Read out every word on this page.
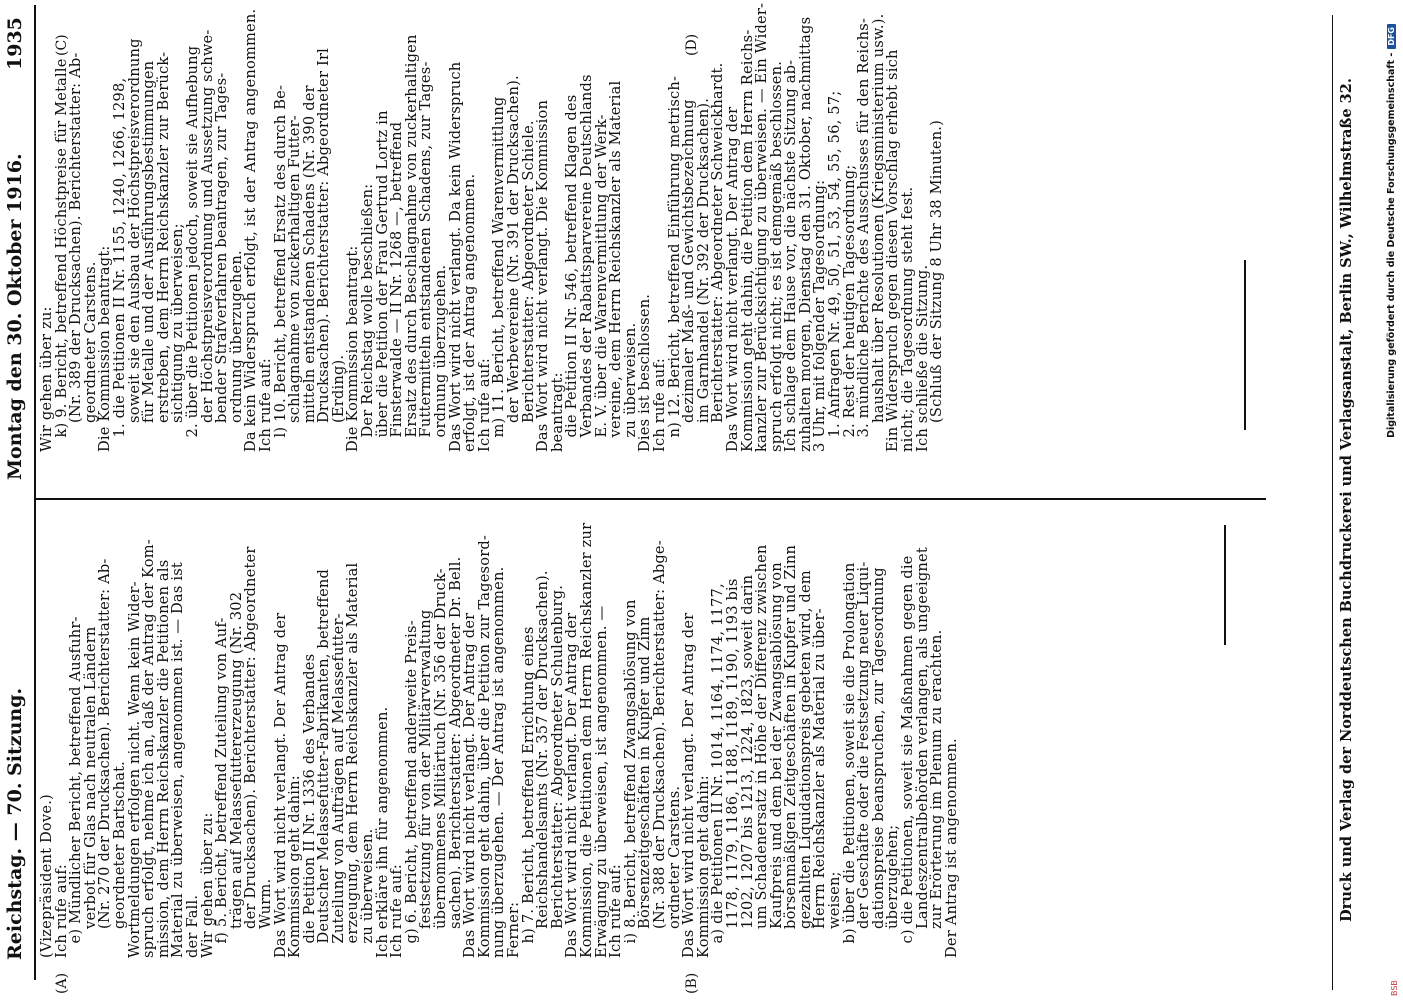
Reichstag. — 70. Sitzung.
Montag den 30. Oktober 1916.
1935
(A)	(B)
(C)	(D)
(Vizepräsident Dove.)
Ich rufe auf:
e) Mündlicher Bericht, betreffend Ausfuhr-
verbot für Glas nach neutralen Ländern
(Nr. 270 der Drucksachen). Berichterstatter: Ab-
geordneter Bartschat.
Wortmeldungen erfolgen nicht. Wenn kein Wider-
spruch erfolgt, nehme ich an, daß der Antrag der Kom-
mission, dem Herrn Reichskanzler die Petitionen als
Material zu überweisen, angenommen ist. — Das ist
der Fall.
Wir gehen über zu:
f) 5. Bericht, betreffend Zuteilung von Auf-
trägen auf Melassefuttererzeugung (Nr. 302
der Drucksachen). Berichterstatter: Abgeordneter
Wurm.
Das Wort wird nicht verlangt. Der Antrag der
Kommission geht dahin:
die Petition II Nr. 1336 des Verbandes
Deutscher Melassefutter-Fabrikanten, betreffend
Zuteilung von Aufträgen auf Melassefutter-
erzeugung, dem Herrn Reichskanzler als Material
zu überweisen.
Ich erkläre ihn für angenommen.
Ich rufe auf:
g) 6. Bericht, betreffend anderweite Preis-
festsetzung für von der Militärverwaltung
übernommenes Militärtuch (Nr. 356 der Druck-
sachen). Berichterstatter: Abgeordneter Dr. Bell.
Das Wort wird nicht verlangt. Der Antrag der
Kommission geht dahin, über die Petition zur Tagesord-
nung überzugehen. — Der Antrag ist angenommen.
Ferner:
h) 7. Bericht, betreffend Errichtung eines
Reichshandelsamts (Nr. 357 der Drucksachen).
Berichterstatter: Abgeordneter Schulenburg.
Das Wort wird nicht verlangt. Der Antrag der
Kommission, die Petitionen dem Herrn Reichskanzler zur
Erwägung zu überweisen, ist angenommen. —
Ich rufe auf:
i) 8. Bericht, betreffend Zwangsablösung von
Börsenzeitgeschäften in Kupfer und Zinn
(Nr. 388 der Drucksachen). Berichterstatter: Abge-
ordneter Carstens.
Das Wort wird nicht verlangt. Der Antrag der
Kommission geht dahin:
a) die Petitionen II Nr. 1014, 1164, 1174, 1177,
1178, 1179, 1186, 1188, 1189, 1190, 1193 bis
1202, 1207 bis 1213, 1224, 1823, soweit darin
um Schadenersatz in Höhe der Differenz zwischen
Kaufpreis und dem bei der Zwangsablösung von
börsenmäßigen Zeitgeschäften in Kupfer und Zinn
gezahlten Liquidationspreis gebeten wird, dem
Herrn Reichskanzler als Material zu über-
weisen;
b) über die Petitionen, soweit sie die Prolongation
der Geschäfte oder die Festsetzung neuer Liqui-
dationspreise beanspruchen, zur Tagesordnung
überzugehen;
c) die Petitionen, soweit sie Maßnahmen gegen die
Landeszentralbehörden verlangen, als ungeeignet
zur Erörterung im Plenum zu erachten.
Der Antrag ist angenommen.
Wir gehen über zu:
k) 9. Bericht, betreffend Höchstpreise für Metalle
(Nr. 389 der Drucksachen). Berichterstatter: Ab-
geordneter Carstens.
Die Kommission beantragt:
1. die Petitionen II Nr. 1155, 1240, 1266, 1298,
soweit sie den Ausbau der Höchstpreisverordnung
für Metalle und der Ausführungsbestimmungen
erstreben, dem Herrn Reichskanzler zur Berück-
sichtigung zu überweisen;
2. über die Petitionen jedoch, soweit sie Aufhebung
der Höchstpreisverordnung und Aussetzung schwe-
bender Strafverfahren beantragen, zur Tages-
ordnung überzugehen.
Da kein Widerspruch erfolgt, ist der Antrag angenommen.
Ich rufe auf:
l) 10. Bericht, betreffend Ersatz des durch Be-
schlagnahme von zuckerhaltigen Futter-
mitteln entstandenen Schadens (Nr. 390 der
Drucksachen). Berichterstatter: Abgeordneter Irl
(Erding).
Die Kommission beantragt:
Der Reichstag wolle beschließen:
über die Petition der Frau Gertrud Lortz in
Finsterwalde — II Nr. 1268 —, betreffend
Ersatz des durch Beschlagnahme von zuckerhaltigen
Futtermitteln entstandenen Schadens, zur Tages-
ordnung überzugehen.
Das Wort wird nicht verlangt. Da kein Widerspruch
erfolgt, ist der Antrag angenommen.
Ich rufe auf:
m) 11. Bericht, betreffend Warenvermittlung
der Werbevereine (Nr. 391 der Drucksachen).
Berichterstatter: Abgeordneter Schiele.
Das Wort wird nicht verlangt. Die Kommission
beantragt:
die Petition II Nr. 546, betreffend Klagen des
Verbandes der Rabattsparvereine Deutschlands
E. V. über die Warenvermittlung der Werk-
vereine, dem Herrn Reichskanzler als Material
zu überweisen.
Dies ist beschlossen.
Ich rufe auf:
n) 12. Bericht, betreffend Einführung metrisch-
dezimaler Maß- und Gewichtsbezeichnung
im Garnhandel (Nr. 392 der Drucksachen).
Berichterstatter: Abgeordneter Schweickhardt.
Das Wort wird nicht verlangt. Der Antrag der
Kommission geht dahin, die Petition dem Herrn Reichs-
kanzler zur Berücksichtigung zu überweisen. — Ein Wider-
spruch erfolgt nicht; es ist demgemäß beschlossen.
Ich schlage dem Hause vor, die nächste Sitzung ab-
zuhalten morgen, Dienstag den 31. Oktober, nachmittags
3 Uhr, mit folgender Tagesordnung:
1. Anfragen Nr. 49, 50, 51, 53, 54, 55, 56, 57;
2. Rest der heutigen Tagesordnung;
3. mündliche Berichte des Ausschusses für den Reichs-
haushalt über Resolutionen (Kriegsministerium usw.).
Ein Widerspruch gegen diesen Vorschlag erhebt sich
nicht; die Tagesordnung steht fest.
Ich schließe die Sitzung.
(Schluß der Sitzung 8 Uhr 38 Minuten.)	Druck und Verlag der Norddeutschen Buchdruckerei und Verlagsanstalt, Berlin SW., Wilhelmstraße 32.
BSB
Digitalisierung gefördert durch die Deutsche Forschungsgemeinschaft -DFG
